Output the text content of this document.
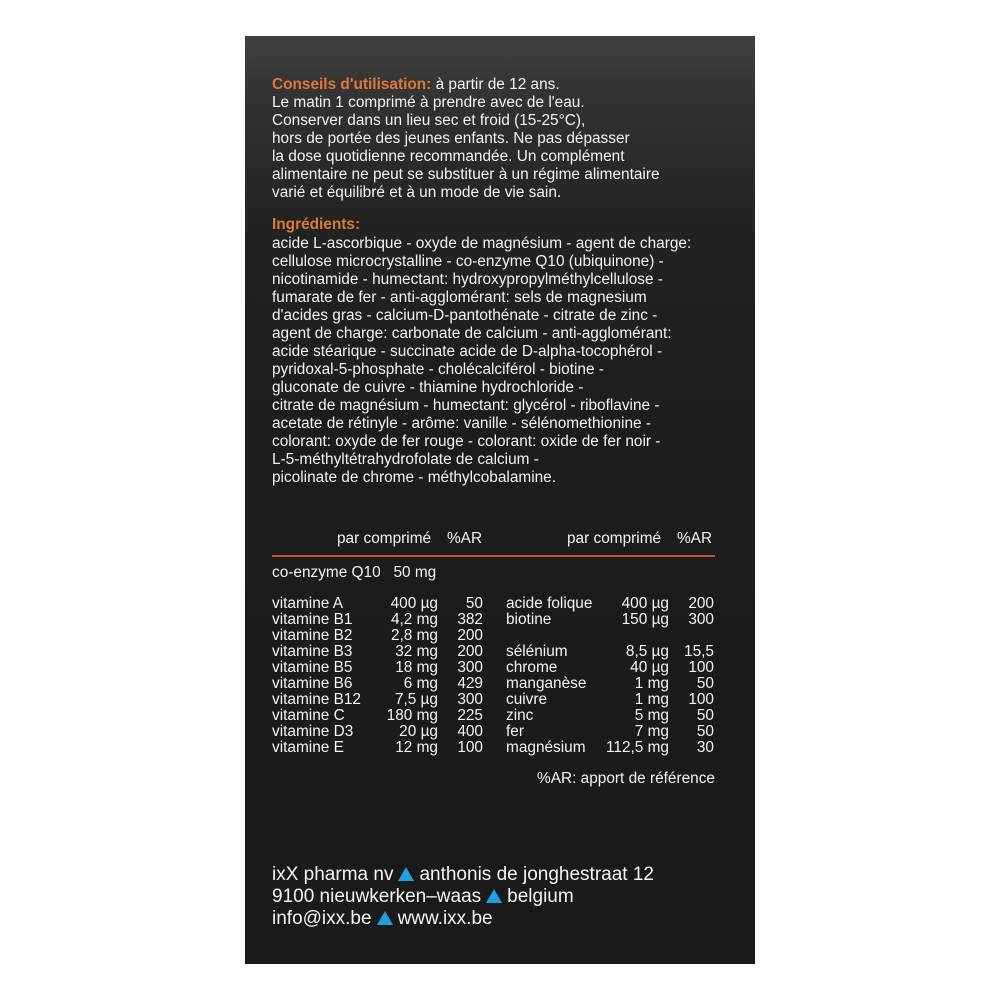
Conseils d'utilisation: à partir de 12 ans.
Le matin 1 comprimé à prendre avec de l'eau.
Conserver dans un lieu sec et froid (15-25°C),
hors de portée des jeunes enfants. Ne pas dépasser
la dose quotidienne recommandée. Un complément
alimentaire ne peut se substituer à un régime alimentaire
varié et équilibré et à un mode de vie sain.
Ingrédients:
acide L-ascorbique - oxyde de magnésium - agent de charge:
cellulose microcrystalline - co-enzyme Q10 (ubiquinone) -
nicotinamide - humectant: hydroxypropylméthylcellulose -
fumarate de fer - anti-agglomérant: sels de magnesium
d'acides gras - calcium-D-pantothénate - citrate de zinc -
agent de charge: carbonate de calcium - anti-agglomérant:
acide stéarique - succinate acide de D-alpha-tocophérol -
pyridoxal-5-phosphate - cholécalciférol - biotine -
gluconate de cuivre - thiamine hydrochloride -
citrate de magnésium - humectant: glycérol - riboflavine -
acetate de rétinyle - arôme: vanille - sélénomethionine -
colorant: oxyde de fer rouge - colorant: oxide de fer noir -
L-5-méthyltétrahydrofolate de calcium -
picolinate de chrome - méthylcobalamine.
par comprimé %AR	par comprimé %AR
co-enzyme Q10   50 mg
vitamine A	400 µg 50
vitamine B1	4,2 mg 382
vitamine B2	2,8 mg 200
vitamine B3	32 mg 200
vitamine B5	18 mg 300
vitamine B6	6 mg 429
vitamine B12 7,5 µg 300
vitamine C	180 mg 225
vitamine D3	20 µg 400
vitamine E	12 mg 100
acide folique 400 µg 200
biotine	150 µg 300
sélénium	8,5 µg 15,5
chrome	40 µg 100
manganèse	1 mg 50
cuivre	1 mg 100
zinc	5 mg 50
fer	7 mg 50
magnésium 112,5 mg 30
%AR: apport de référence
ixX pharma nv anthonis de jonghestraat 12
9100 nieuwkerken–waas belgium
info@ixx.be www.ixx.be
